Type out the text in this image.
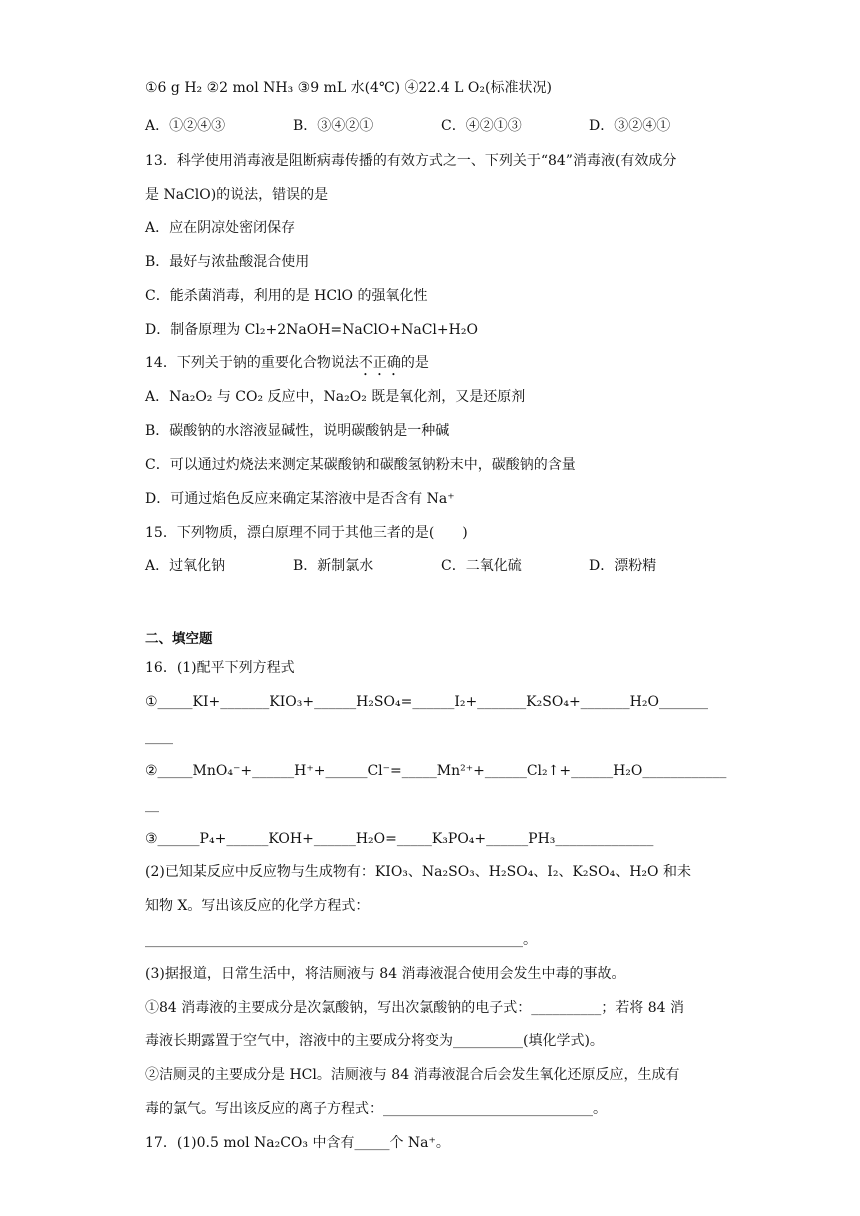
①6 g H₂ ②2 mol NH₃ ③9 mL 水(4℃) ④22.4 L O₂(标准状况)
A．①②④③	B．③④②①	C．④②①③	D．③②④①
13．科学使用消毒液是阻断病毒传播的有效方式之一、下列关于“84”消毒液(有效成分
是 NaClO)的说法，错误的是
A．应在阴凉处密闭保存
B．最好与浓盐酸混合使用
C．能杀菌消毒，利用的是 HClO 的强氧化性
D．制备原理为 Cl₂+2NaOH=NaClO+NaCl+H₂O
14．下列关于钠的重要化合物说法不正确的是
A．Na₂O₂ 与 CO₂ 反应中，Na₂O₂ 既是氧化剂，又是还原剂
B．碳酸钠的水溶液显碱性，说明碳酸钠是一种碱
C．可以通过灼烧法来测定某碳酸钠和碳酸氢钠粉末中，碳酸钠的含量
D．可通过焰色反应来确定某溶液中是否含有 Na⁺
15．下列物质，漂白原理不同于其他三者的是(　　)
A．过氧化钠	B．新制氯水	C．二氧化硫	D．漂粉精
二、填空题
16．(1)配平下列方程式
①_____KI+_______KIO₃+______H₂SO₄=______I₂+_______K₂SO₄+_______H₂O_______
____
②_____MnO₄⁻+______H⁺+______Cl⁻=_____Mn²⁺+______Cl₂↑+______H₂O____________
__
③______P₄+______KOH+______H₂O=_____K₃PO₄+______PH₃______________
(2)已知某反应中反应物与生成物有：KIO₃、Na₂SO₃、H₂SO₄、I₂、K₂SO₄、H₂O 和未
知物 X。写出该反应的化学方程式：
______________________________________________________。
(3)据报道，日常生活中，将洁厕液与 84 消毒液混合使用会发生中毒的事故。
①84 消毒液的主要成分是次氯酸钠，写出次氯酸钠的电子式：__________；若将 84 消
毒液长期露置于空气中，溶液中的主要成分将变为__________(填化学式)。
②洁厕灵的主要成分是 HCl。洁厕液与 84 消毒液混合后会发生氧化还原反应，生成有
毒的氯气。写出该反应的离子方程式：______________________________。
17．(1)0.5 mol Na₂CO₃ 中含有_____个 Na⁺。
